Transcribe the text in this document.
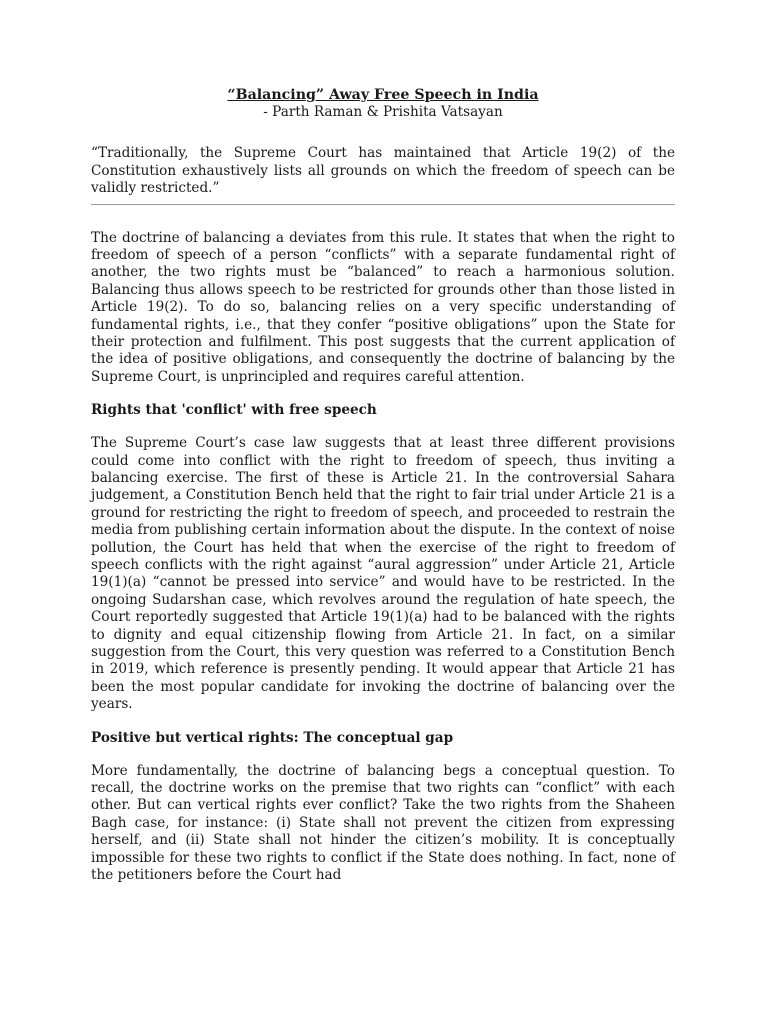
“Balancing” Away Free Speech in India
- Parth Raman & Prishita Vatsayan
“Traditionally, the Supreme Court has maintained that Article 19(2) of the Constitution exhaustively lists all grounds on which the freedom of speech can be validly restricted.”

The doctrine of balancing a deviates from this rule. It states that when the right to freedom of speech of a person “conflicts” with a separate fundamental right of another, the two rights must be “balanced” to reach a harmonious solution. Balancing thus allows speech to be restricted for grounds other than those listed in Article 19(2). To do so, balancing relies on a very specific understanding of fundamental rights, i.e., that they confer “positive obligations” upon the State for their protection and fulfilment. This post suggests that the current application of the idea of positive obligations, and consequently the doctrine of balancing by the Supreme Court, is unprincipled and requires careful attention.

Rights that 'conflict' with free speech

The Supreme Court’s case law suggests that at least three different provisions could come into conflict with the right to freedom of speech, thus inviting a balancing exercise. The first of these is Article 21. In the controversial Sahara judgement, a Constitution Bench held that the right to fair trial under Article 21 is a ground for restricting the right to freedom of speech, and proceeded to restrain the media from publishing certain information about the dispute. In the context of noise pollution, the Court has held that when the exercise of the right to freedom of speech conflicts with the right against “aural aggression” under Article 21, Article 19(1)(a) “cannot be pressed into service” and would have to be restricted. In the ongoing Sudarshan case, which revolves around the regulation of hate speech, the Court reportedly suggested that Article 19(1)(a) had to be balanced with the rights to dignity and equal citizenship flowing from Article 21. In fact, on a similar suggestion from the Court, this very question was referred to a Constitution Bench in 2019, which reference is presently pending. It would appear that Article 21 has been the most popular candidate for invoking the doctrine of balancing over the years.

Positive but vertical rights: The conceptual gap

More fundamentally, the doctrine of balancing begs a conceptual question. To recall, the doctrine works on the premise that two rights can “conflict” with each other. But can vertical rights ever conflict? Take the two rights from the Shaheen Bagh case, for instance: (i) State shall not prevent the citizen from expressing herself, and (ii) State shall not hinder the citizen’s mobility. It is conceptually impossible for these two rights to conflict if the State does nothing. In fact, none of the petitioners before the Court had
